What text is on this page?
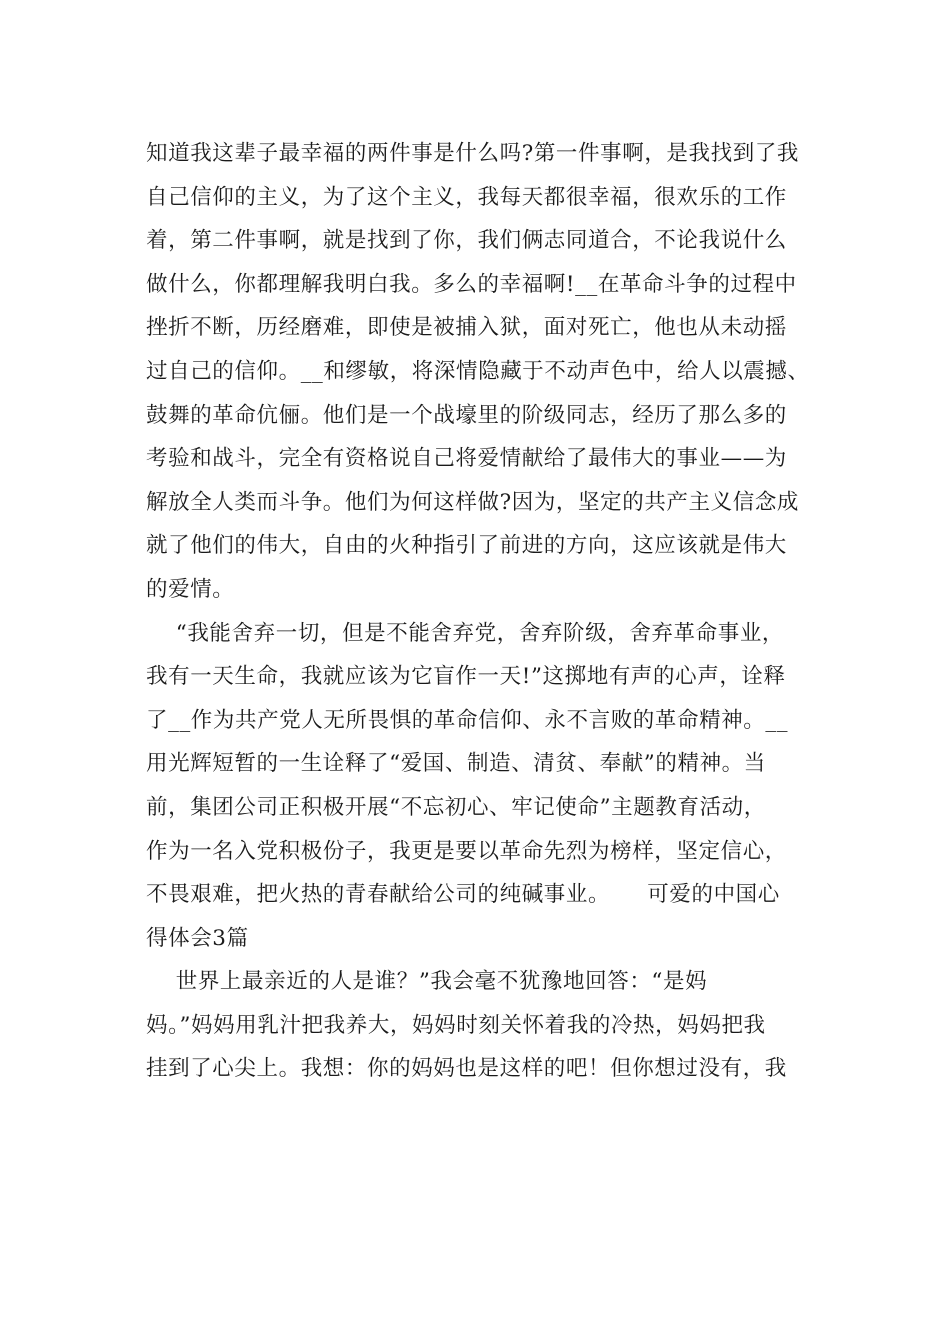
知道我这辈子最幸福的两件事是什么吗?第一件事啊，是我找到了我
自己信仰的主义，为了这个主义，我每天都很幸福，很欢乐的工作
着，第二件事啊，就是找到了你，我们俩志同道合，不论我说什么
做什么，你都理解我明白我。多么的幸福啊!__在革命斗争的过程中
挫折不断，历经磨难，即使是被捕入狱，面对死亡，他也从未动摇
过自己的信仰。__和缪敏，将深情隐藏于不动声色中，给人以震撼、
鼓舞的革命伉俪。他们是一个战壕里的阶级同志，经历了那么多的
考验和战斗，完全有资格说自己将爱情献给了最伟大的事业——为
解放全人类而斗争。他们为何这样做?因为，坚定的共产主义信念成
就了他们的伟大，自由的火种指引了前进的方向，这应该就是伟大
的爱情。
“我能舍弃一切，但是不能舍弃党，舍弃阶级，舍弃革命事业，
我有一天生命，我就应该为它盲作一天!”这掷地有声的心声，诠释
了__作为共产党人无所畏惧的革命信仰、永不言败的革命精神。__
用光辉短暂的一生诠释了“爱国、制造、清贫、奉献”的精神。当
前，集团公司正积极开展“不忘初心、牢记使命”主题教育活动，
作为一名入党积极份子，我更是要以革命先烈为榜样，坚定信心，
不畏艰难，把火热的青春献给公司的纯碱事业。     可爱的中国心
得体会3篇
世界上最亲近的人是谁？”我会毫不犹豫地回答：“是妈
妈。”妈妈用乳汁把我养大，妈妈时刻关怀着我的冷热，妈妈把我
挂到了心尖上。我想：你的妈妈也是这样的吧！但你想过没有，我
